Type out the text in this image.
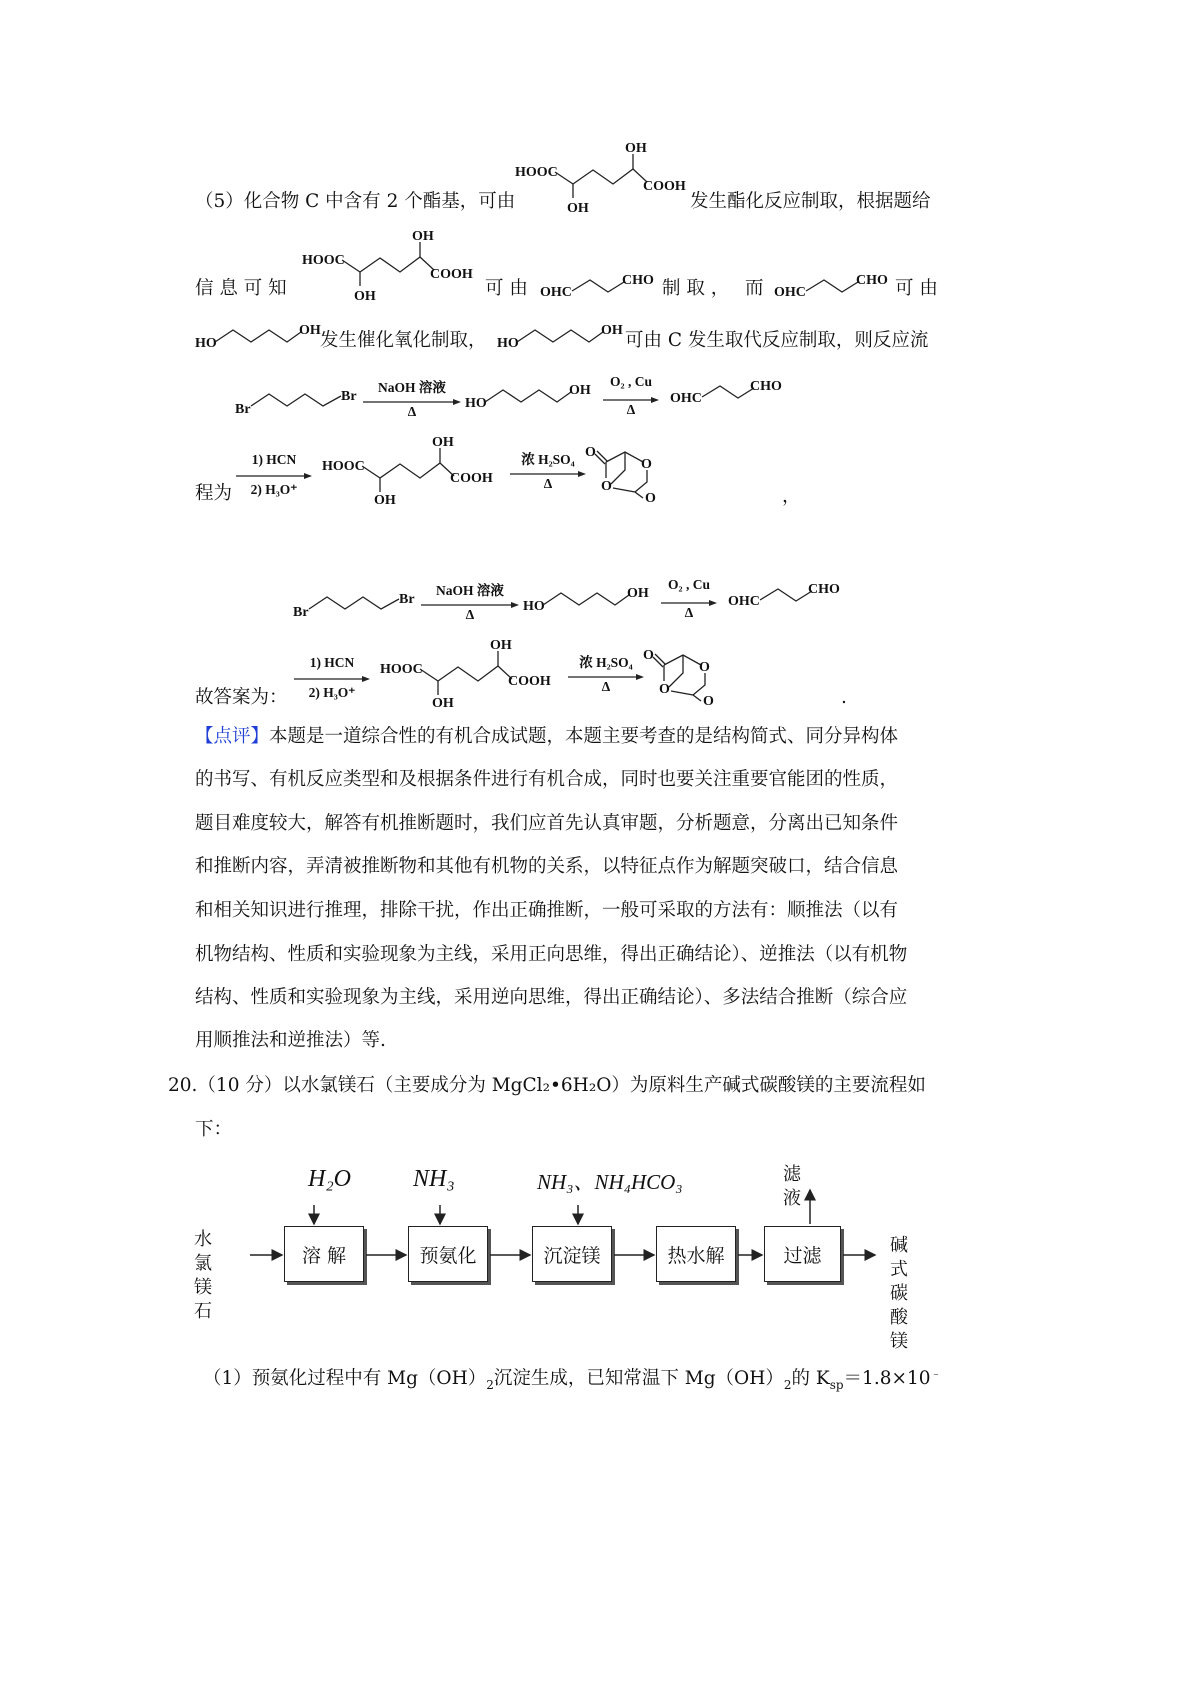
（5）化合物 C 中含有 2 个酯基，可由
HOOC
OH
OH
COOH
发生酯化反应制取，根据题给
信 息 可 知
HOOC
OH
OH
COOH
可 由 OHC
CHO 制 取 ， 而 OHC
CHO 可 由
HO
OH 发生催化氧化制取， HO
OH 可由 C 发生取代反应制取，则反应流
Br
Br
NaOH 溶液
Δ
HO
OH
O₂ , Cu
Δ
OHC
CHO
程为
1) HCN
2) H₃O⁺
HOOC
OH
OH
COOH
浓 H₂SO₄
Δ
O
O
O
O	，
Br
Br
NaOH 溶液
Δ
HO
OH
O₂ , Cu
Δ
OHC
CHO
1) HCN
2) H₃O⁺
HOOC
OH
OH
COOH
浓 H₂SO₄
Δ
O
O
O
O
故答案为：	.
【点评】本题是一道综合性的有机合成试题，本题主要考查的是结构简式、同分异构体
的书写、有机反应类型和及根据条件进行有机合成，同时也要关注重要官能团的性质，
题目难度较大，解答有机推断题时，我们应首先认真审题，分析题意，分离出已知条件
和推断内容，弄清被推断物和其他有机物的关系，以特征点作为解题突破口，结合信息
和相关知识进行推理，排除干扰，作出正确推断，一般可采取的方法有：顺推法（以有
机物结构、性质和实验现象为主线，采用正向思维，得出正确结论）、逆推法（以有机物
结构、性质和实验现象为主线，采用逆向思维，得出正确结论）、多法结合推断（综合应
用顺推法和逆推法）等.
20.（10 分）以水氯镁石（主要成分为 MgCl₂•6H₂O）为原料生产碱式碳酸镁的主要流程如
下：
H₂O	NH₃	NH₃、NH₄HCO₃	滤液
水氯
镁石
碱式
碳酸镁
溶 解	预氨化	沉淀镁	热水解	过滤
（1）预氨化过程中有 $Mg(OH)_2$沉淀生成，已知常温下 $Mg(OH)_2$的 $K_{sp}=1.8\times 10^﹣$
